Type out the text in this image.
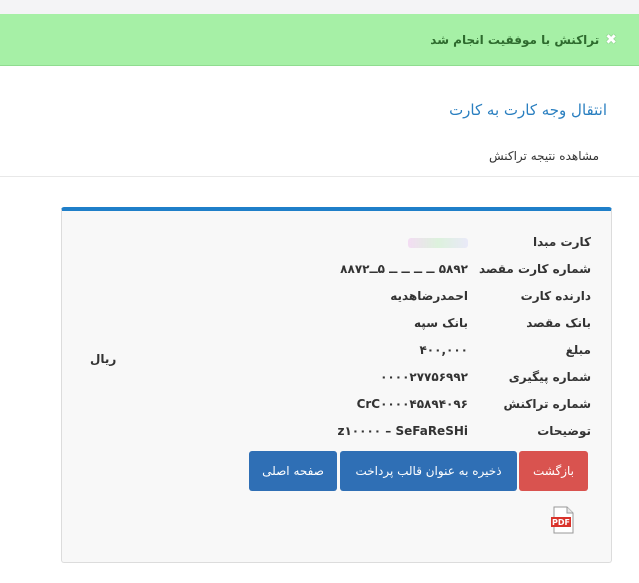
✖
تراکنش با موفقیت انجام شد
انتقال وجه کارت به کارت
مشاهده نتیجه تراکنش
کارت مبدا
شماره کارت مقصد
۵۸۹۲ ــ ــ ــ ــ ۵ــ۸۸۷۲
دارنده کارت
احمدرضاهدیه
بانک مقصد
بانک سپه
مبلغ
۴۰۰,۰۰۰
شماره پیگیری
۰۰۰۰۲۷۷۵۶۹۹۲
شماره تراکنش
CrC۰۰۰۰۴۵۸۹۴۰۹۶
توضیحات
z۱۰۰۰۰ – SeFaReSHi
ریال
بازگشت
ذخیره به عنوان قالب پرداخت
صفحه اصلی
PDF
